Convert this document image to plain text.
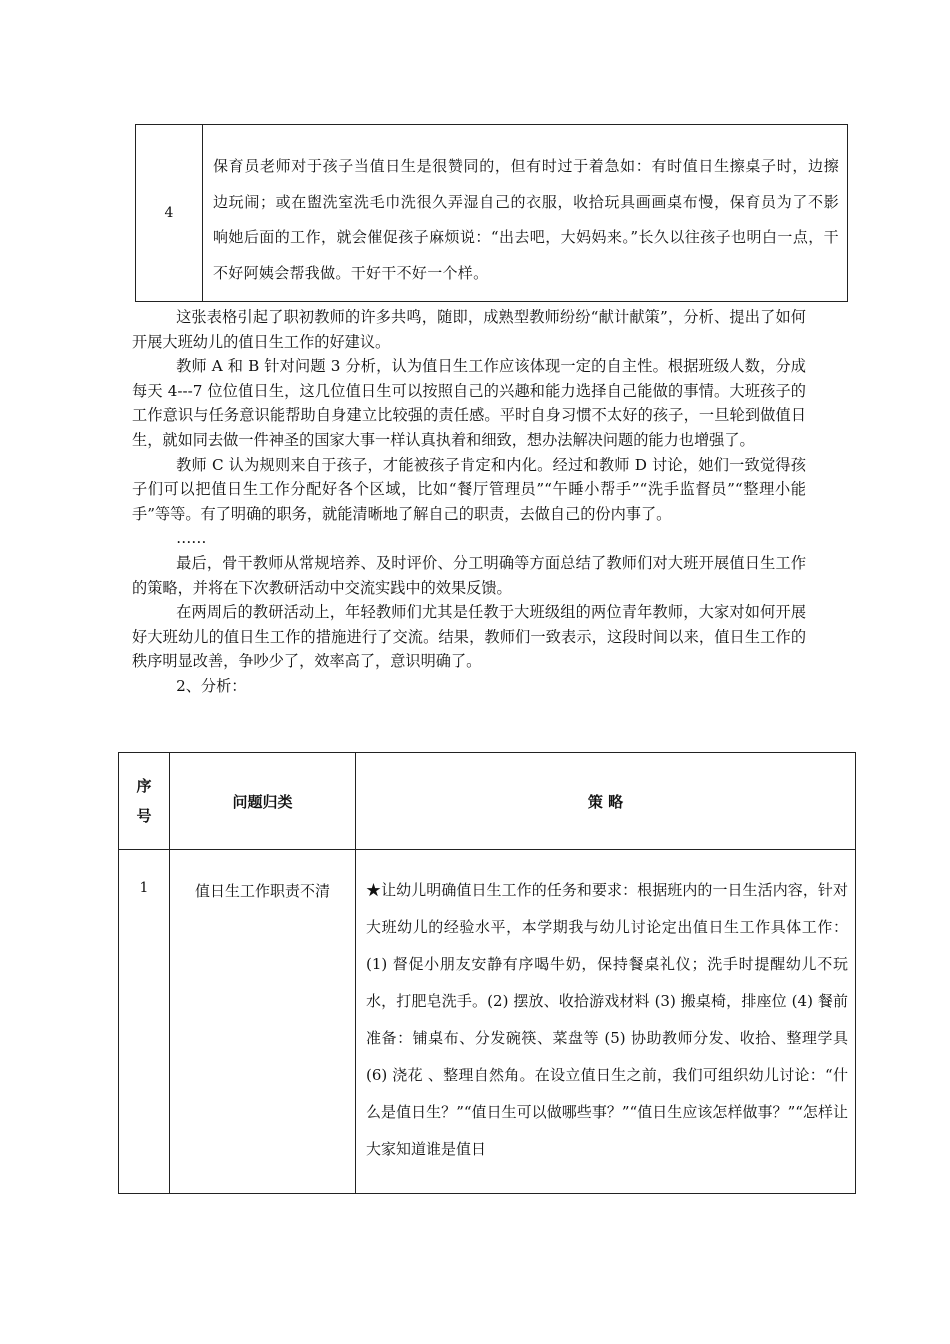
4	保育员老师对于孩子当值日生是很赞同的，但有时过于着急如：有时值日生擦桌子时，边擦边玩闹；或在盥洗室洗毛巾洗很久弄湿自己的衣服，收拾玩具画画桌布慢，保育员为了不影响她后面的工作，就会催促孩子麻烦说：“出去吧，大妈妈来。”长久以往孩子也明白一点，干不好阿姨会帮我做。干好干不好一个样。

这张表格引起了职初教师的许多共鸣，随即，成熟型教师纷纷“献计献策”，分析、提出了如何开展大班幼儿的值日生工作的好建议。

教师 A 和 B 针对问题 3 分析，认为值日生工作应该体现一定的自主性。根据班级人数，分成每天 4---7 位位值日生，这几位值日生可以按照自己的兴趣和能力选择自己能做的事情。大班孩子的工作意识与任务意识能帮助自身建立比较强的责任感。平时自身习惯不太好的孩子，一旦轮到做值日生，就如同去做一件神圣的国家大事一样认真执着和细致，想办法解决问题的能力也增强了。

教师 C 认为规则来自于孩子，才能被孩子肯定和内化。经过和教师 D 讨论，她们一致觉得孩子们可以把值日生工作分配好各个区域，比如“餐厅管理员”“午睡小帮手”“洗手监督员”“整理小能手”等等。有了明确的职务，就能清晰地了解自己的职责，去做自己的份内事了。

……

最后，骨干教师从常规培养、及时评价、分工明确等方面总结了教师们对大班开展值日生工作的策略，并将在下次教研活动中交流实践中的效果反馈。

在两周后的教研活动上，年轻教师们尤其是任教于大班级组的两位青年教师，大家对如何开展好大班幼儿的值日生工作的措施进行了交流。结果，教师们一致表示，这段时间以来，值日生工作的秩序明显改善，争吵少了，效率高了，意识明确了。

2、分析：

序
号	问题归类	策 略
1	值日生工作职责不清	★让幼儿明确值日生工作的任务和要求：根据班内的一日生活内容，针对大班幼儿的经验水平，本学期我与幼儿讨论定出值日生工作具体工作：(1) 督促小朋友安静有序喝牛奶，保持餐桌礼仪；洗手时提醒幼儿不玩水，打肥皂洗手。(2) 摆放、收拾游戏材料 (3) 搬桌椅，排座位 (4) 餐前准备：铺桌布、分发碗筷、菜盘等 (5) 协助教师分发、收拾、整理学具 (6) 浇花 、整理自然角。在设立值日生之前，我们可组织幼儿讨论：“什么是值日生？”“值日生可以做哪些事？”“值日生应该怎样做事？”“怎样让大家知道谁是值日
